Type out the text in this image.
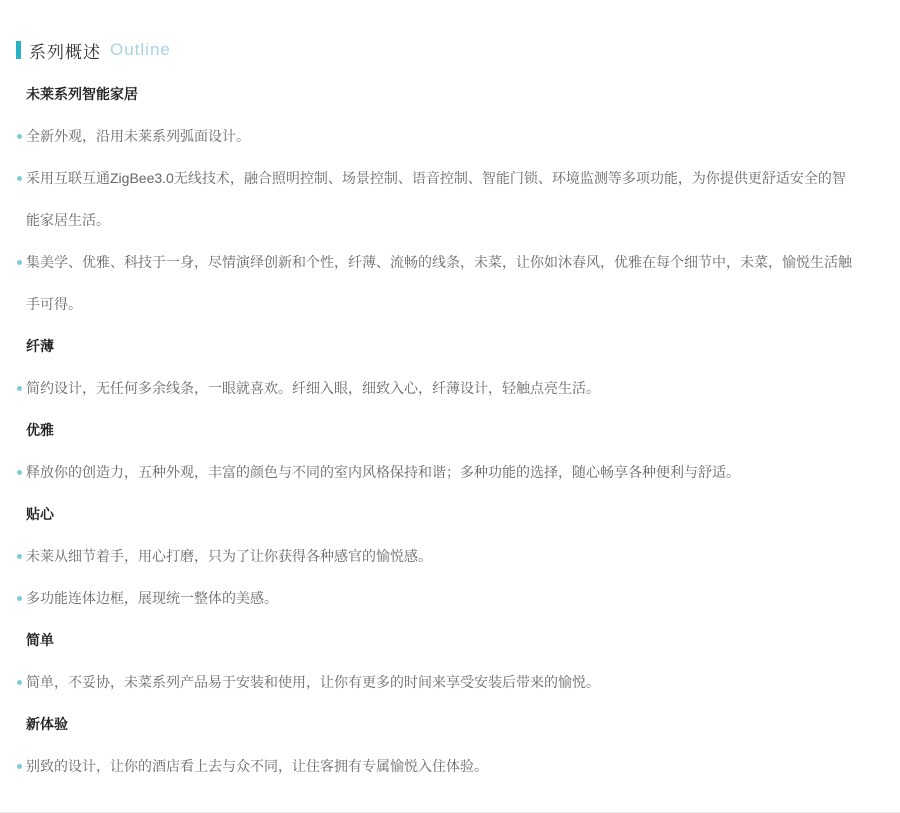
系列概述 Outline
未莱系列智能家居

全新外观，沿用未莱系列弧面设计。

采用互联互通ZigBee3.0无线技术，融合照明控制、场景控制、语音控制、智能门锁、环境监测等多项功能，为你提供更舒适安全的智能家居生活。

集美学、优雅、科技于一身，尽情演绎创新和个性，纤薄、流畅的线条，未菜，让你如沐春风，优雅在每个细节中，未菜，愉悦生活触手可得。

纤薄

简约设计，无任何多余线条，一眼就喜欢。纤细入眼，细致入心，纤薄设计，轻触点亮生活。

优雅

释放你的创造力，五种外观，丰富的颜色与不同的室内风格保持和谐；多种功能的选择，随心畅享各种便利与舒适。

贴心

未莱从细节着手，用心打磨，只为了让你获得各种感官的愉悦感。

多功能连体边框，展现统一整体的美感。

简单

简单，不妥协，未菜系列产品易于安装和使用，让你有更多的时间来享受安装后带来的愉悦。

新体验

别致的设计，让你的酒店看上去与众不同，让住客拥有专属愉悦入住体验。
